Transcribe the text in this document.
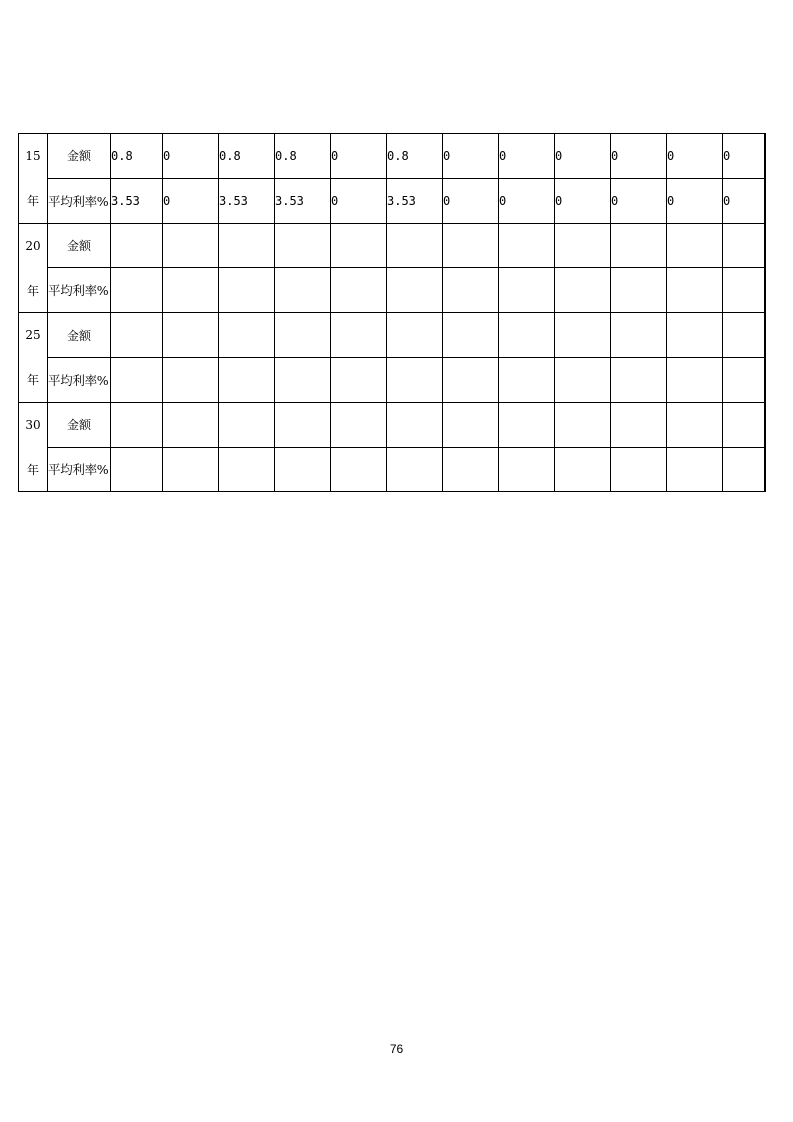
15	金额	0.8	0	0.8	0.8	0	0.8	0	0	0	0	0	0	
年	平均利率%	3.53	0	3.53	3.53	0	3.53	0	0	0	0	0	0	
20	金额													
年	平均利率%													
25	金额													
年	平均利率%													
30	金额													
年	平均利率%													
76
